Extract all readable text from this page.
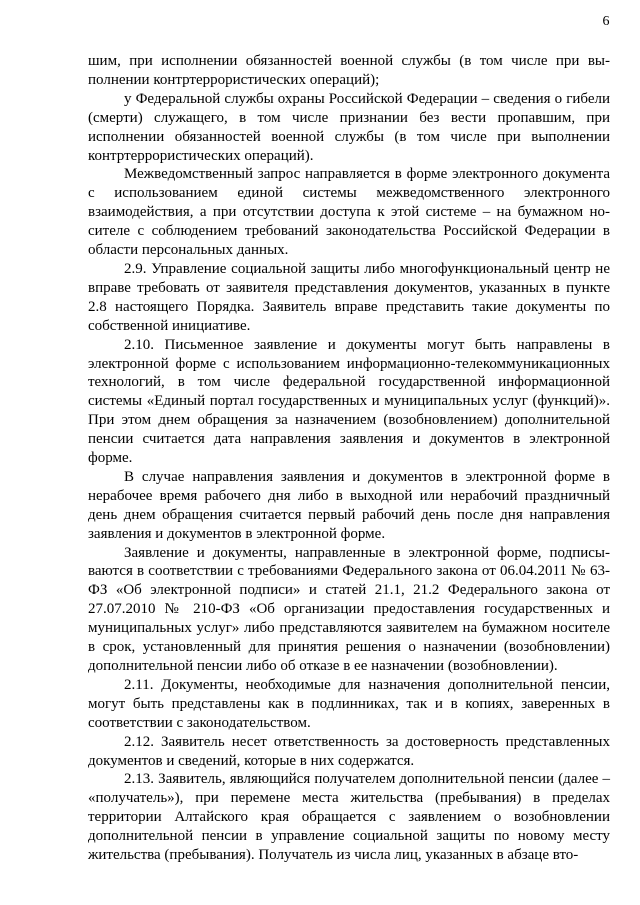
6

шим, при исполнении обязанностей военной службы (в том числе при выполнении контртеррористических операций);

у Федеральной службы охраны Российской Федерации – сведения о гибели (смерти) служащего, в том числе признании без вести пропавшим, при исполнении обязанностей военной службы (в том числе при выполнении контртеррористических операций).

Межведомственный запрос направляется в форме электронного документа с использованием единой системы межведомственного электронного взаимодействия, а при отсутствии доступа к этой системе – на бумажном носителе с соблюдением требований законодательства Российской Федерации в области персональных данных.

2.9. Управление социальной защиты либо многофункциональный центр не вправе требовать от заявителя представления документов, указанных в пункте 2.8 настоящего Порядка. Заявитель вправе представить такие документы по собственной инициативе.

2.10. Письменное заявление и документы могут быть направлены в электронной форме с использованием информационно-телекоммуникационных технологий, в том числе федеральной государственной информационной системы «Единый портал государственных и муниципальных услуг (функций)». При этом днем обращения за назначением (возобновлением) дополнительной пенсии считается дата направления заявления и документов в электронной форме.

В случае направления заявления и документов в электронной форме в нерабочее время рабочего дня либо в выходной или нерабочий праздничный день днем обращения считается первый рабочий день после дня направления заявления и документов в электронной форме.

Заявление и документы, направленные в электронной форме, подписываются в соответствии с требованиями Федерального закона от 06.04.2011 № 63-ФЗ «Об электронной подписи» и статей 21.1, 21.2 Федерального закона от 27.07.2010 № 210-ФЗ «Об организации предоставления государственных и муниципальных услуг» либо представляются заявителем на бумажном носителе в срок, установленный для принятия решения о назначении (возобновлении) дополнительной пенсии либо об отказе в ее назначении (возобновлении).

2.11. Документы, необходимые для назначения дополнительной пенсии, могут быть представлены как в подлинниках, так и в копиях, заверенных в соответствии с законодательством.

2.12. Заявитель несет ответственность за достоверность представленных документов и сведений, которые в них содержатся.

2.13. Заявитель, являющийся получателем дополнительной пенсии (далее – «получатель»), при перемене места жительства (пребывания) в пределах территории Алтайского края обращается с заявлением о возобновлении дополнительной пенсии в управление социальной защиты по новому месту жительства (пребывания). Получатель из числа лиц, указанных в абзаце вто-
